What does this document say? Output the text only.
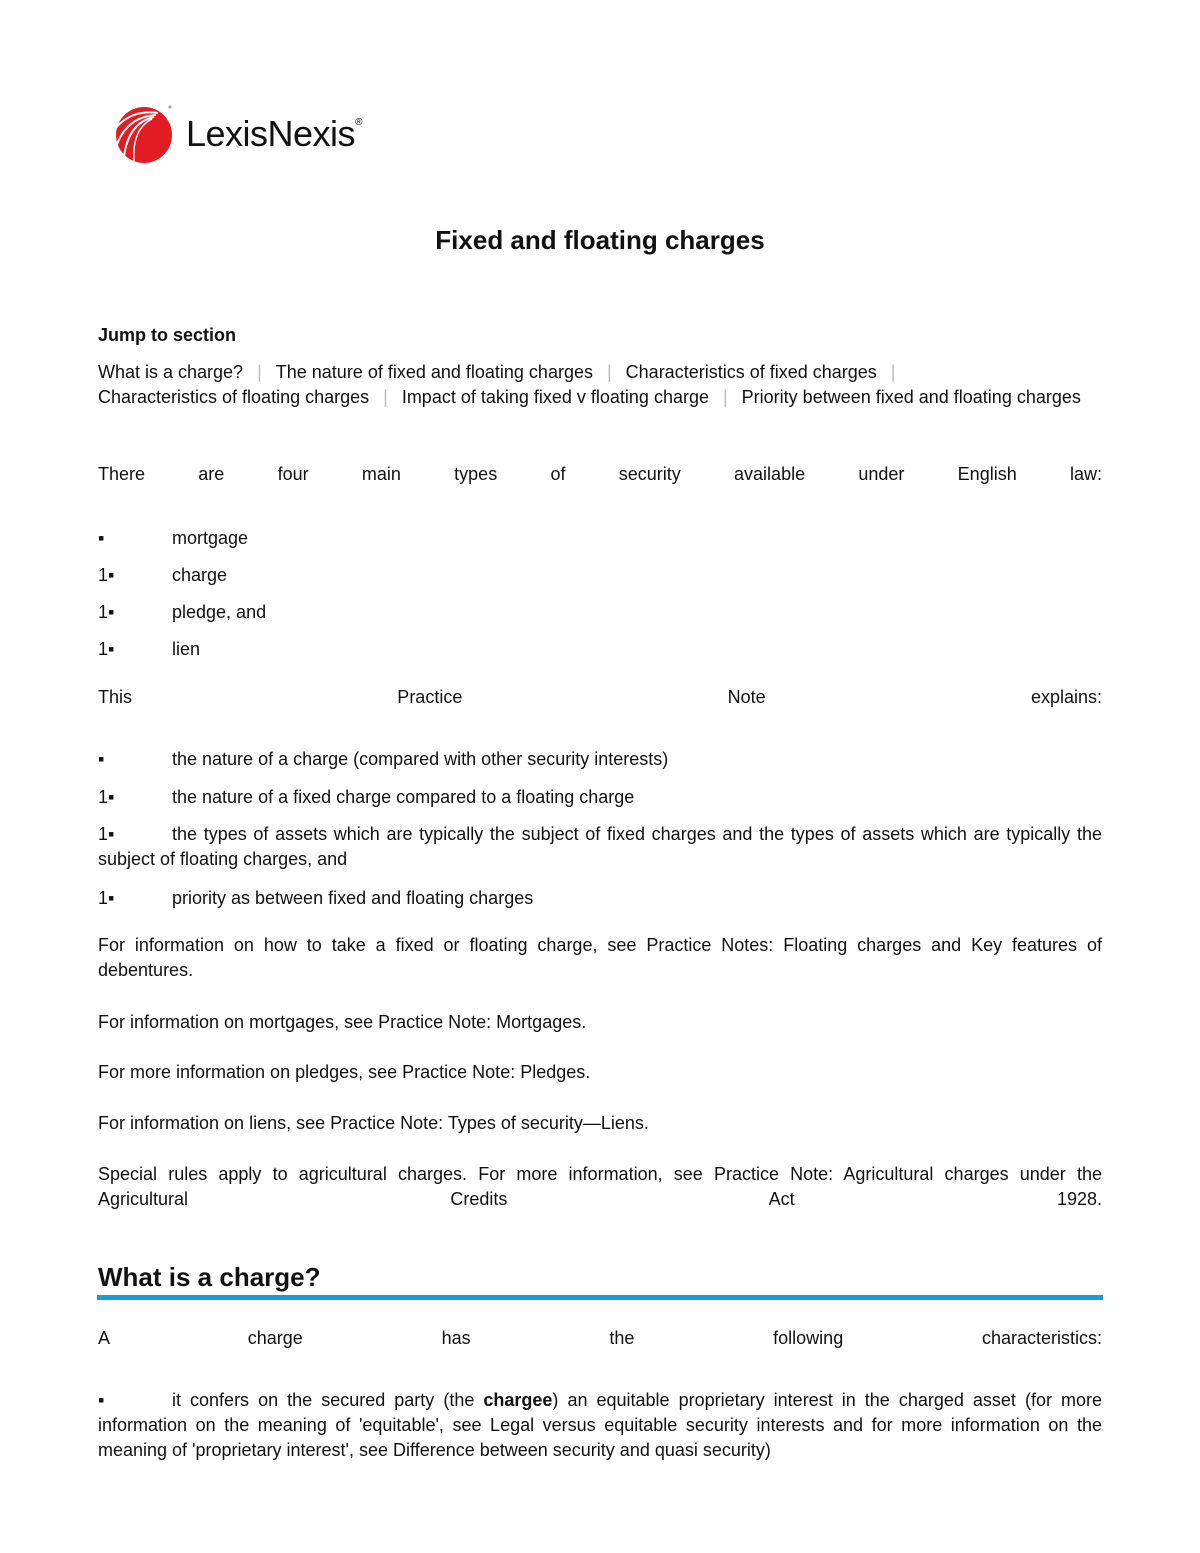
LexisNexis®
Fixed and floating charges
Jump to section
What is a charge? | The nature of fixed and floating charges | Characteristics of fixed charges |
Characteristics of floating charges | Impact of taking fixed v floating charge | Priority between fixed and floating charges
There are four main types of security available under English law:
▪	mortgage
1▪	charge
1▪	pledge, and
1▪	lien
This Practice Note explains:
▪	the nature of a charge (compared with other security interests)
1▪	the nature of a fixed charge compared to a floating charge
1▪	the types of assets which are typically the subject of fixed charges and the types of assets which are typically the subject of floating charges, and
1▪	priority as between fixed and floating charges
For information on how to take a fixed or floating charge, see Practice Notes: Floating charges and Key features of debentures.
For information on mortgages, see Practice Note: Mortgages.
For more information on pledges, see Practice Note: Pledges.
For information on liens, see Practice Note: Types of security—Liens.
Special rules apply to agricultural charges. For more information, see Practice Note: Agricultural charges under the
Agricultural Credits Act 1928.
What is a charge?
A charge has the following characteristics:
▪	it confers on the secured party (the chargee) an equitable proprietary interest in the charged asset (for more information on the meaning of 'equitable', see Legal versus equitable security interests and for more information on the meaning of 'proprietary interest', see Difference between security and quasi security)
